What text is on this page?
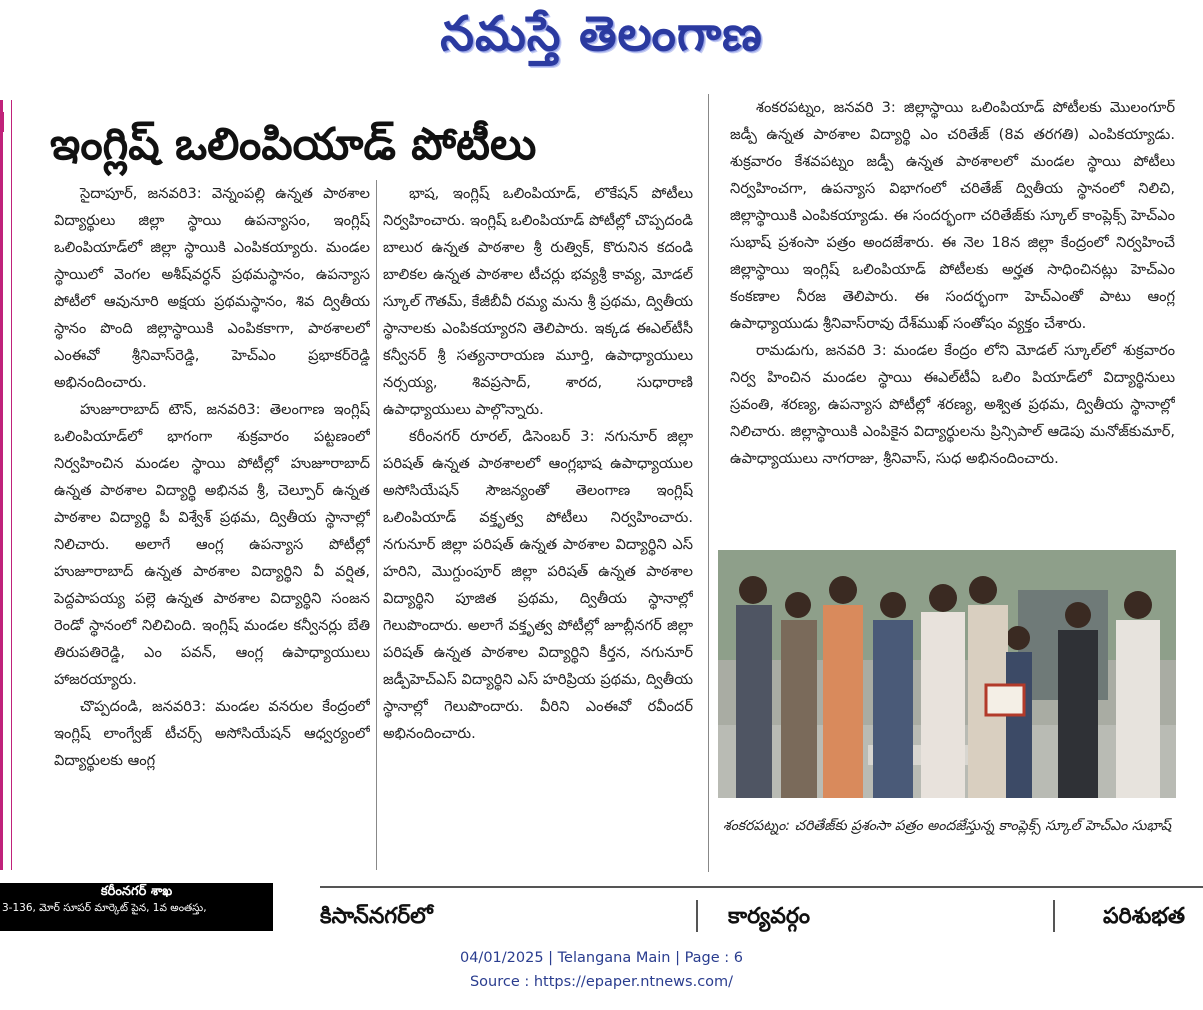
నమస్తే తెలంగాణ
ఇంగ్లిష్ ఒలింపియాడ్ పోటీలు

సైదాపూర్, జనవరి3: వెన్నంపల్లి ఉన్నత పాఠశాల విద్యార్థులు జిల్లా స్థాయి ఉపన్యాసం, ఇంగ్లిష్ ఒలింపియాడ్‌లో జిల్లా స్థాయికి ఎంపికయ్యారు. మండల స్థాయిలో వెంగల అశీష్‌వర్ధన్ ప్రథమస్థానం, ఉపన్యాస పోటీలో ఆవునూరి అక్షయ ప్రథమస్థానం, శివ ద్వితీయ స్థానం పొంది జిల్లాస్థాయికి ఎంపికకాగా, పాఠశాలలో ఎంఈవో శ్రీనివాస్‌రెడ్డి, హెచ్‌ఎం ప్రభాకర్‌రెడ్డి అభినందించారు.

హుజూరాబాద్ టౌన్, జనవరి3: తెలంగాణ ఇంగ్లిష్ ఒలింపియాడ్‌లో భాగంగా శుక్రవారం పట్టణంలో నిర్వహించిన మండల స్థాయి పోటీల్లో హుజూరాబాద్ ఉన్నత పాఠశాల విద్యార్థి అభినవ శ్రీ, చెల్పూర్ ఉన్నత పాఠశాల విద్యార్థి పీ విశ్వేశ్ ప్రథమ, ద్వితీయ స్థానాల్లో నిలిచారు. అలాగే ఆంగ్ల ఉపన్యాస పోటీల్లో హుజూరాబాద్ ఉన్నత పాఠశాల విద్యార్థిని వీ వర్షిత, పెద్దపాపయ్య పల్లె ఉన్నత పాఠశాల విద్యార్థిని సంజన రెండో స్థానంలో నిలిచింది. ఇంగ్లిష్ మండల కన్వీనర్లు బేతి తిరుపతిరెడ్డి, ఎం పవన్, ఆంగ్ల ఉపాధ్యాయులు హాజరయ్యారు.

చొప్పదండి, జనవరి3: మండల వనరుల కేంద్రంలో ఇంగ్లిష్ లాంగ్వేజ్ టీచర్స్ అసోసియేషన్ ఆధ్వర్యంలో విద్యార్థులకు ఆంగ్ల

భాష, ఇంగ్లిష్ ఒలింపియాడ్, లొకేషన్ పోటీలు నిర్వహించారు. ఇంగ్లిష్ ఒలింపియాడ్ పోటీల్లో చొప్పదండి బాలుర ఉన్నత పాఠశాల శ్రీ రుత్విక్, కొరునిన కదండి బాలికల ఉన్నత పాఠశాల టీచర్లు భవ్యశ్రీ కావ్య, మోడల్ స్కూల్ గౌతమ్, కేజీబీవీ రమ్య మను శ్రీ ప్రథమ, ద్వితీయ స్థానాలకు ఎంపికయ్యారని తెలిపారు. ఇక్కడ ఈఎల్‌టీసీ కన్వీనర్ శ్రీ సత్యనారాయణ మూర్తి, ఉపాధ్యాయులు నర్సయ్య, శివప్రసాద్, శారద, సుధారాణి ఉపాధ్యాయులు పాల్గొన్నారు.

కరీంనగర్ రూరల్, డిసెంబర్ 3: నగునూర్ జిల్లా పరిషత్ ఉన్నత పాఠశాలలో ఆంగ్లభాష ఉపాధ్యాయుల అసోసియేషన్ సౌజన్యంతో తెలంగాణ ఇంగ్లిష్ ఒలింపియాడ్ వక్తృత్వ పోటీలు నిర్వహించారు. నగునూర్ జిల్లా పరిషత్ ఉన్నత పాఠశాల విద్యార్థిని ఎస్ హరిని, మొగ్దుంపూర్ జిల్లా పరిషత్ ఉన్నత పాఠశాల విద్యార్థిని పూజిత ప్రథమ, ద్వితీయ స్థానాల్లో గెలుపొందారు. అలాగే వక్తృత్వ పోటీల్లో జూబ్లీనగర్ జిల్లా పరిషత్ ఉన్నత పాఠశాల విద్యార్థిని కీర్తన, నగునూర్ జడ్పీహెచ్ఎస్ విద్యార్థిని ఎస్ హరిప్రియ ప్రథమ, ద్వితీయ స్థానాల్లో గెలుపొందారు. వీరిని ఎంఈవో రవీందర్ అభినందించారు.

శంకరపట్నం, జనవరి 3: జిల్లాస్థాయి ఒలింపియాడ్ పోటీలకు మొలంగూర్ జడ్పీ ఉన్నత పాఠశాల విద్యార్థి ఎం చరితేజ్ (8వ తరగతి) ఎంపికయ్యాడు. శుక్రవారం కేశవపట్నం జడ్పీ ఉన్నత పాఠశాలలో మండల స్థాయి పోటీలు నిర్వహించగా, ఉపన్యాస విభాగంలో చరితేజ్ ద్వితీయ స్థానంలో నిలిచి, జిల్లాస్థాయికి ఎంపికయ్యాడు. ఈ సందర్భంగా చరితేజ్‌కు స్కూల్ కాంప్లెక్స్ హెచ్ఎం సుభాష్ ప్రశంసా పత్రం అందజేశారు. ఈ నెల 18న జిల్లా కేంద్రంలో నిర్వహించే జిల్లాస్థాయి ఇంగ్లిష్ ఒలింపియాడ్ పోటీలకు అర్హత సాధించినట్లు హెచ్ఎం కంకణాల నీరజ తెలిపారు. ఈ సందర్భంగా హెచ్ఎంతో పాటు ఆంగ్ల ఉపాధ్యాయుడు శ్రీనివాస్‌రావు దేశ్‌ముఖ్ సంతోషం వ్యక్తం చేశారు.

రామడుగు, జనవరి 3: మండల కేంద్రం లోని మోడల్ స్కూల్‌లో శుక్రవారం నిర్వ హించిన మండల స్థాయి ఈఎల్‌టీఏ ఒలిం పియాడ్‌లో విద్యార్థినులు స్రవంతి, శరణ్య, ఉపన్యాస పోటీల్లో శరణ్య, అశ్విత ప్రథమ, ద్వితీయ స్థానాల్లో నిలిచారు. జిల్లాస్థాయికి ఎంపికైన విద్యార్థులను ప్రిన్సిపాల్ ఆడెపు మనోజ్‌కుమార్, ఉపాధ్యాయులు నాగరాజు, శ్రీనివాస్, సుధ అభినందించారు.

శంకరపట్నం: చరితేజ్‌కు ప్రశంసా పత్రం అందజేస్తున్న కాంప్లెక్స్ స్కూల్ హెచ్ఎం సుభాష్
కరీంనగర్ శాఖ
3-136, మోర్ సూపర్ మార్కెట్ పైన, 1వ అంతస్తు,	కిసాన్‌నగర్‌లో	కార్యవర్గం	పరిశుభత
04/01/2025 | Telangana Main | Page : 6
Source : https://epaper.ntnews.com/
